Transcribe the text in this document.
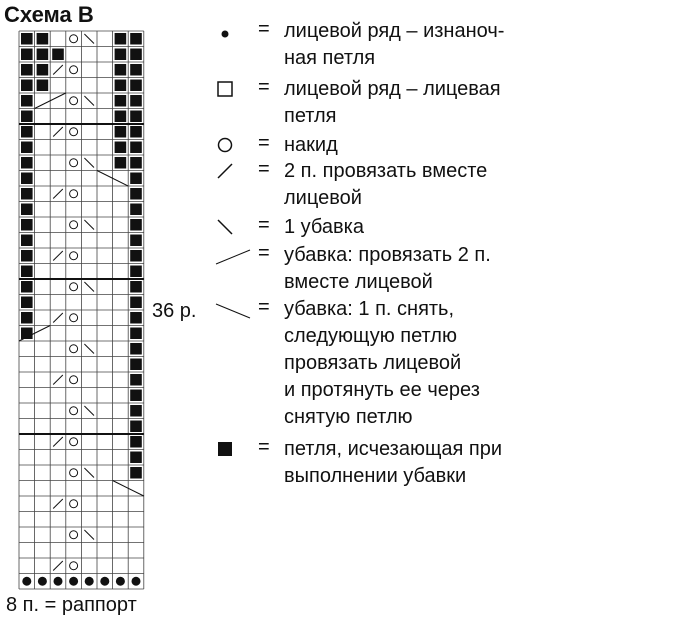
Схема В
36 р.
8 п. = раппорт
= лицевой ряд – изнаноч-
ная петля
= лицевой ряд – лицевая
петля
= накид
= 2 п. провязать вместе
лицевой
= 1 убавка
= убавка: провязать 2 п.
вместе лицевой
= убавка: 1 п. снять,
следующую петлю
провязать лицевой
и протянуть ее через
снятую петлю
= петля, исчезающая при
выполнении убавки
